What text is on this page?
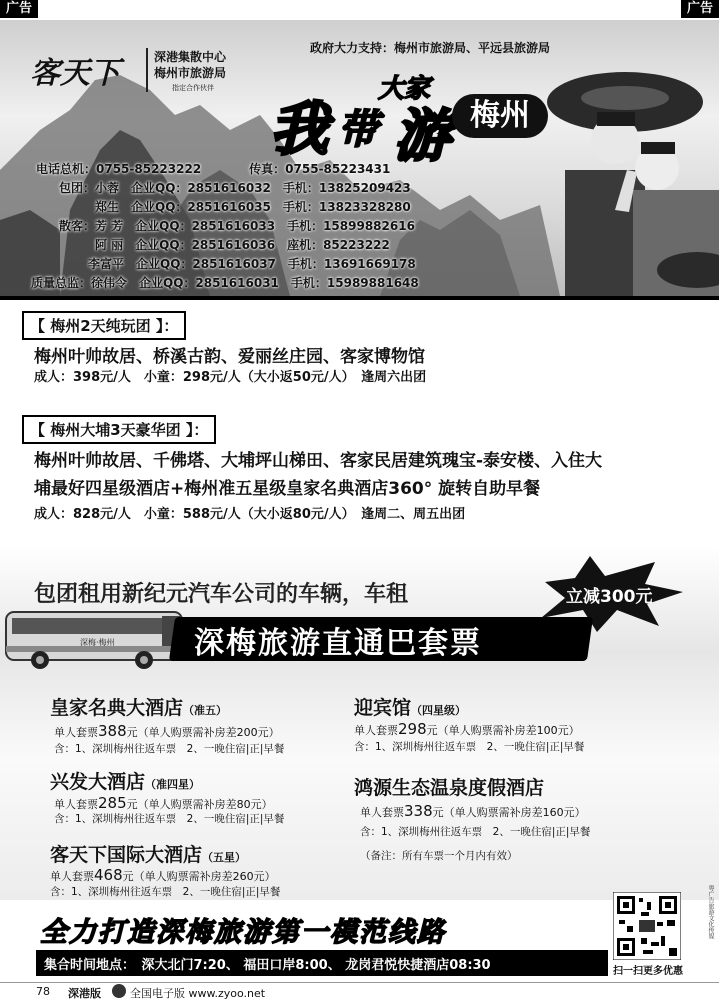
广告	广告
客天下	深港集散中心
梅州市旅游局
指定合作伙伴
政府大力支持：梅州市旅游局、平远县旅游局
我 带
大家
游 梅州
电话总机：0755-85223222　　　　传真：0755-85223431
包团：小蓉　企业QQ：2851616032　手机：13825209423
郑生　企业QQ：2851616035　手机：13823328280
散客：芳 芳　企业QQ：2851616033　手机：15899882616
阿 丽　企业QQ：2851616036　座机：85223222
李富平　企业QQ：2851616037　手机：13691669178
质量总监：徐伟令　企业QQ：2851616031　手机：15989881648
【 梅州2天纯玩团 】：
梅州叶帅故居、桥溪古韵、爱丽丝庄园、客家博物馆
成人：398元/人　小童：298元/人（大小返50元/人）　逢周六出团
【 梅州大埔3天豪华团 】：
梅州叶帅故居、千佛塔、大埔坪山梯田、客家民居建筑瑰宝-泰安楼、入住大
埔最好四星级酒店+梅州准五星级皇家名典酒店360° 旋转自助早餐
成人：828元/人　小童：588元/人（大小返80元/人）　逢周二、周五出团
包团租用新纪元汽车公司的车辆，车租	立减300元
深梅·梅州	深梅旅游直通巴套票
皇家名典大酒店（准五）
单人套票388元（单人购票需补房差200元）
含：1、深圳梅州往返车票　2、一晚住宿|正|早餐
兴发大酒店（准四星）
单人套票285元（单人购票需补房差80元）
含：1、深圳梅州往返车票　2、一晚住宿|正|早餐
客天下国际大酒店（五星）
单人套票468元（单人购票需补房差260元）
含：1、深圳梅州往返车票　2、一晚住宿|正|早餐
迎宾馆（四星级）
单人套票298元（单人购票需补房差100元）
含：1、深圳梅州往返车票　2、一晚住宿|正|早餐
鸿源生态温泉度假酒店
单人套票338元（单人购票需补房差160元）
含：1、深圳梅州往返车票　2、一晚住宿|正|早餐
（备注：所有车票一个月内有效）
全力打造深梅旅游第一模范线路
扫一扫更多优惠
集合时间地点：　深大北门7:20、 福田口岸8:00、 龙岗君悦快捷酒店08:30
粤广告旅游文化传媒
78 深港版	全国电子版 www.zyoo.net
